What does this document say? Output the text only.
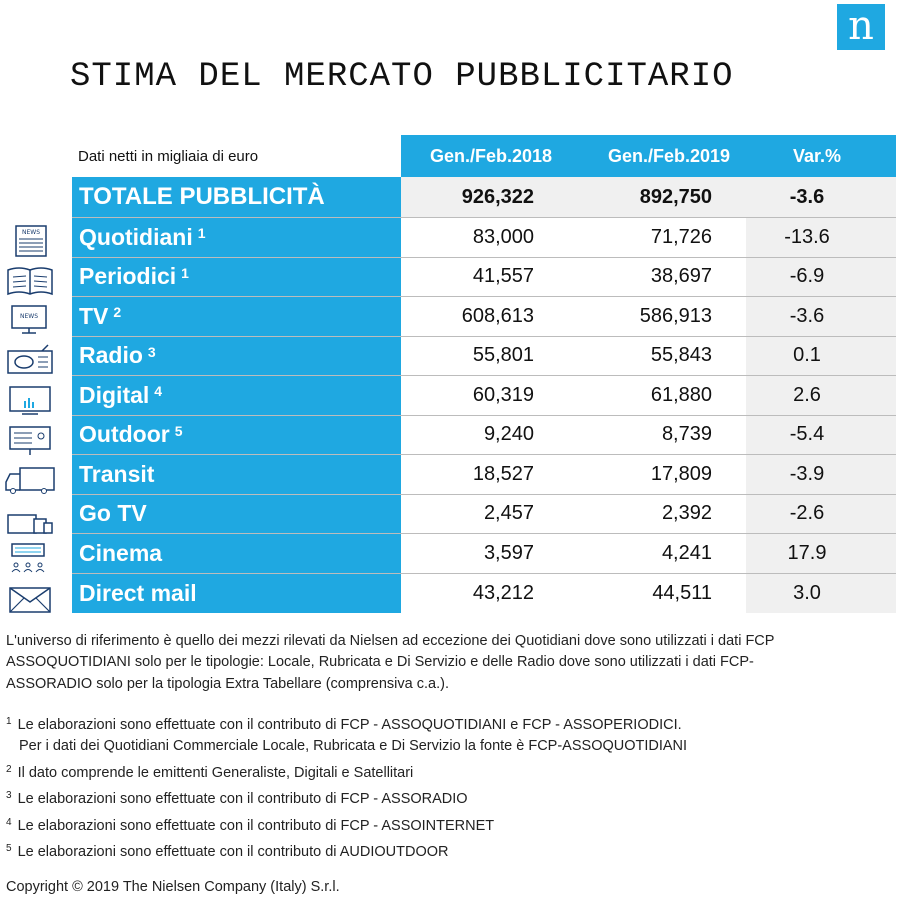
n
STIMA DEL MERCATO PUBBLICITARIO
Dati netti in migliaia di euro	Gen./Feb.2018	Gen./Feb.2019	Var.%
TOTALE PUBBLICITÀ	926,322	892,750	-3.6
Quotidiani $^1$	83,000	71,726	-13.6
Periodici $^1$	41,557	38,697	-6.9
TV $^2$	608,613	586,913	-3.6
Radio $^3$	55,801	55,843	0.1
Digital $^4$	60,319	61,880	2.6
Outdoor $^5$	9,240	8,739	-5.4
Transit	18,527	17,809	-3.9
Go TV	2,457	2,392	-2.6
Cinema	3,597	4,241	17.9
Direct mail	43,212	44,511	3.0
NEWS
NEWS
L'universo di riferimento è quello dei mezzi rilevati da Nielsen ad eccezione dei Quotidiani dove sono utilizzati i dati FCP
ASSOQUOTIDIANI solo per le tipologie: Locale, Rubricata e Di Servizio e delle Radio dove sono utilizzati i dati FCP-
ASSORADIO solo per la tipologia Extra Tabellare (comprensiva c.a.).
$^1$ Le elaborazioni sono effettuate con il contributo di FCP - ASSOQUOTIDIANI e FCP - ASSOPERIODICI.
Per i dati dei Quotidiani Commerciale Locale, Rubricata e Di Servizio la fonte è FCP-ASSOQUOTIDIANI
$^2$ Il dato comprende le emittenti Generaliste, Digitali e Satellitari
$^3$ Le elaborazioni sono effettuate con il contributo di FCP - ASSORADIO
$^4$ Le elaborazioni sono effettuate con il contributo di FCP - ASSOINTERNET
$^5$ Le elaborazioni sono effettuate con il contributo di AUDIOUTDOOR
Copyright © 2019 The Nielsen Company (Italy) S.r.l.
